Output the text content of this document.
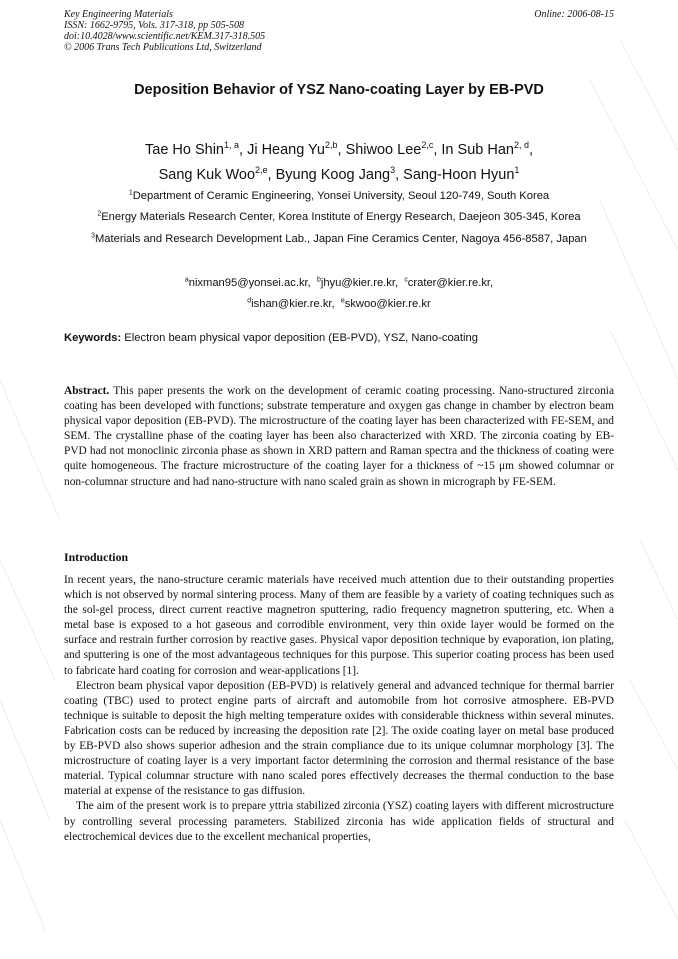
Key Engineering Materials
ISSN: 1662-9795, Vols. 317-318, pp 505-508
doi:10.4028/www.scientific.net/KEM.317-318.505
© 2006 Trans Tech Publications Ltd, Switzerland
Online: 2006-08-15
Deposition Behavior of YSZ Nano-coating Layer by EB-PVD
Tae Ho Shin$^{1, a}$, Ji Heang Yu$^{2,b}$, Shiwoo Lee$^{2,c}$, In Sub Han$^{2, d}$,
Sang Kuk Woo$^{2,e}$, Byung Koog Jang$^3$, Sang-Hoon Hyun$^1$
$^1$Department of Ceramic Engineering, Yonsei University, Seoul 120-749, South Korea
$^2$Energy Materials Research Center, Korea Institute of Energy Research, Daejeon 305-345, Korea
$^3$Materials and Research Development Lab., Japan Fine Ceramics Center, Nagoya 456-8587, Japan
$^a$nixman95@yonsei.ac.kr, $^b$jhyu@kier.re.kr, $^c$crater@kier.re.kr,
$^d$ishan@kier.re.kr, $^e$skwoo@kier.re.kr
Keywords: Electron beam physical vapor deposition (EB-PVD), YSZ, Nano-coating
Abstract. This paper presents the work on the development of ceramic coating processing. Nano-structured zirconia coating has been developed with functions; substrate temperature and oxygen gas change in chamber by electron beam physical vapor deposition (EB-PVD). The microstructure of the coating layer has been characterized with FE-SEM, and SEM. The crystalline phase of the coating layer has been also characterized with XRD. The zirconia coating by EB-PVD had not monoclinic zirconia phase as shown in XRD pattern and Raman spectra and the thickness of coating were quite homogeneous. The fracture microstructure of the coating layer for a thickness of ~15 μm showed columnar or non-columnar structure and had nano-structure with nano scaled grain as shown in micrograph by FE-SEM.
Introduction

In recent years, the nano-structure ceramic materials have received much attention due to their outstanding properties which is not observed by normal sintering process. Many of them are feasible by a variety of coating techniques such as the sol-gel process, direct current reactive magnetron sputtering, radio frequency magnetron sputtering, etc. When a metal base is exposed to a hot gaseous and corrodible environment, very thin oxide layer would be formed on the surface and restrain further corrosion by reactive gases. Physical vapor deposition technique by evaporation, ion plating, and sputtering is one of the most advantageous techniques for this purpose. This superior coating process has been used to fabricate hard coating for corrosion and wear-applications [1].

Electron beam physical vapor deposition (EB-PVD) is relatively general and advanced technique for thermal barrier coating (TBC) used to protect engine parts of aircraft and automobile from hot corrosive atmosphere. EB-PVD technique is suitable to deposit the high melting temperature oxides with considerable thickness within several minutes. Fabrication costs can be reduced by increasing the deposition rate [2]. The oxide coating layer on metal base produced by EB-PVD also shows superior adhesion and the strain compliance due to its unique columnar morphology [3]. The microstructure of coating layer is a very important factor determining the corrosion and thermal resistance of the base material. Typical columnar structure with nano scaled pores effectively decreases the thermal conduction to the base material at expense of the resistance to gas diffusion.

The aim of the present work is to prepare yttria stabilized zirconia (YSZ) coating layers with different microstructure by controlling several processing parameters. Stabilized zirconia has wide application fields of structural and electrochemical devices due to the excellent mechanical properties,
